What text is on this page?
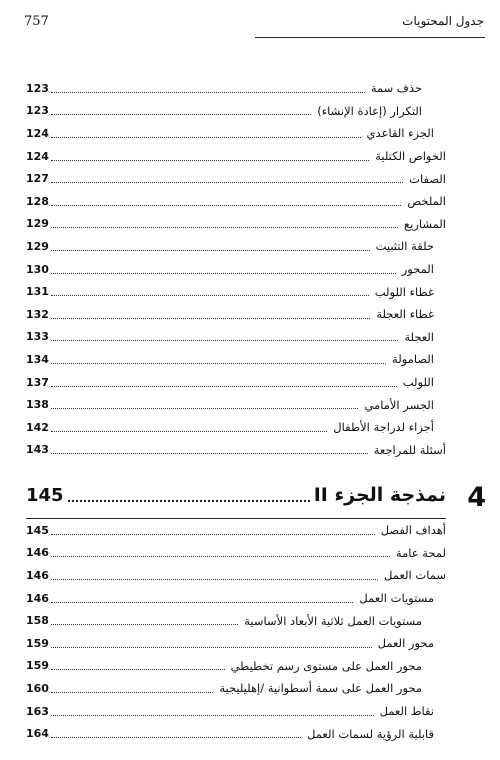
757	جدول المحتويات
حذف سمة
123
التكرار (إعادة الإنشاء)
123
الجزء القاعدي
124
الخواص الكتلية
124
الصفات
127
الملخص
128
المشاريع
129
حلقة التثبيت
129
المحور
130
غطاء اللولب
131
غطاء العجلة
132
العجلة
133
الصامولة
134
اللولب
137
الجسر الأمامي
138
أجزاء لدراجة الأطفال
142
أسئلة للمراجعة
143
4
نمذجة الجزء II
145
أهداف الفصل
145
لمحة عامة
146
سمات العمل
146
مستويات العمل
146
مستويات العمل ثلاثية الأبعاد الأساسية
158
محور العمل
159
محور العمل على مستوى رسم تخطيطي
159
محور العمل على سمة أسطوانية /إهليليجية
160
نقاط العمل
163
قابلية الرؤية لسمات العمل
164
